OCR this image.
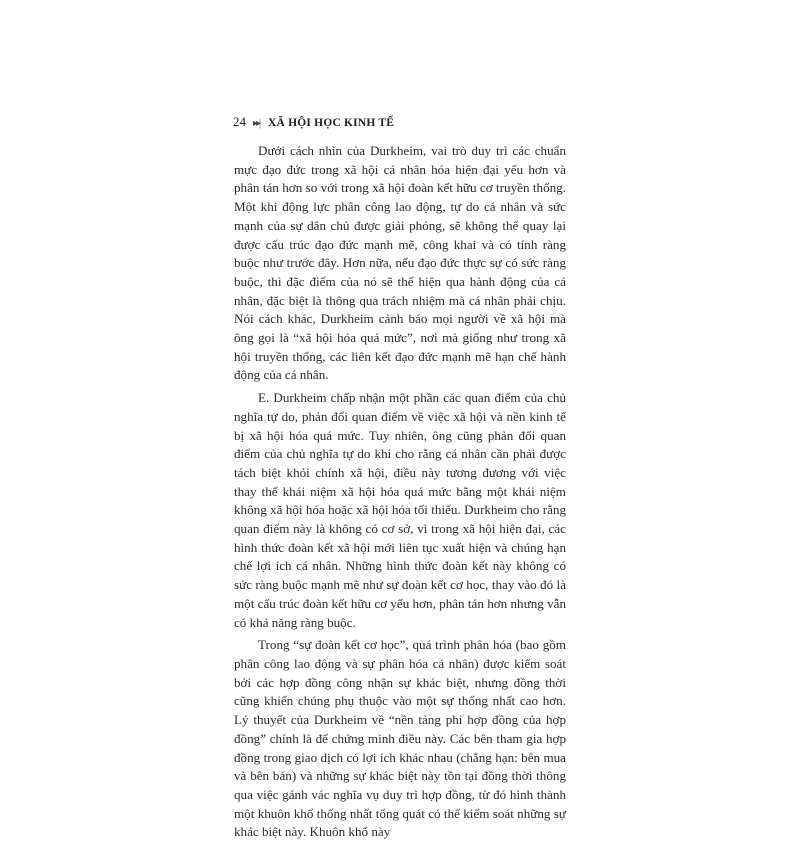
24 ▸▸| XÃ HỘI HỌC KINH TẾ

Dưới cách nhìn của Durkheim, vai trò duy trì các chuẩn mực đạo đức trong xã hội cá nhân hóa hiện đại yếu hơn và phân tán hơn so với trong xã hội đoàn kết hữu cơ truyền thống. Một khi động lực phân công lao động, tự do cá nhân và sức mạnh của sự dân chủ được giải phóng, sẽ không thể quay lại được cấu trúc đạo đức mạnh mẽ, công khai và có tính ràng buộc như trước đây. Hơn nữa, nếu đạo đức thực sự có sức ràng buộc, thì đặc điểm của nó sẽ thể hiện qua hành động của cá nhân, đặc biệt là thông qua trách nhiệm mà cá nhân phải chịu. Nói cách khác, Durkheim cảnh báo mọi người về xã hội mà ông gọi là “xã hội hóa quá mức”, nơi mà giống như trong xã hội truyền thống, các liên kết đạo đức mạnh mẽ hạn chế hành động của cá nhân.

E. Durkheim chấp nhận một phần các quan điểm của chủ nghĩa tự do, phản đối quan điểm về việc xã hội và nền kinh tế bị xã hội hóa quá mức. Tuy nhiên, ông cũng phản đối quan điểm của chủ nghĩa tự do khi cho rằng cá nhân cần phải được tách biệt khỏi chính xã hội, điều này tương đương với việc thay thế khái niệm xã hội hóa quá mức bằng một khái niệm không xã hội hóa hoặc xã hội hóa tối thiểu. Durkheim cho rằng quan điểm này là không có cơ sở, vì trong xã hội hiện đại, các hình thức đoàn kết xã hội mới liên tục xuất hiện và chúng hạn chế lợi ích cá nhân. Những hình thức đoàn kết này không có sức ràng buộc mạnh mẽ như sự đoàn kết cơ học, thay vào đó là một cấu trúc đoàn kết hữu cơ yếu hơn, phân tán hơn nhưng vẫn có khả năng ràng buộc.

Trong “sự đoàn kết cơ học”, quá trình phân hóa (bao gồm phân công lao động và sự phân hóa cá nhân) được kiểm soát bởi các hợp đồng công nhận sự khác biệt, nhưng đồng thời cũng khiến chúng phụ thuộc vào một sự thống nhất cao hơn. Lý thuyết của Durkheim về “nền tảng phi hợp đồng của hợp đồng” chính là để chứng minh điều này. Các bên tham gia hợp đồng trong giao dịch có lợi ích khác nhau (chẳng hạn: bên mua và bên bán) và những sự khác biệt này tồn tại đồng thời thông qua việc gánh vác nghĩa vụ duy trì hợp đồng, từ đó hình thành một khuôn khổ thống nhất tổng quát có thể kiểm soát những sự khác biệt này. Khuôn khổ này
